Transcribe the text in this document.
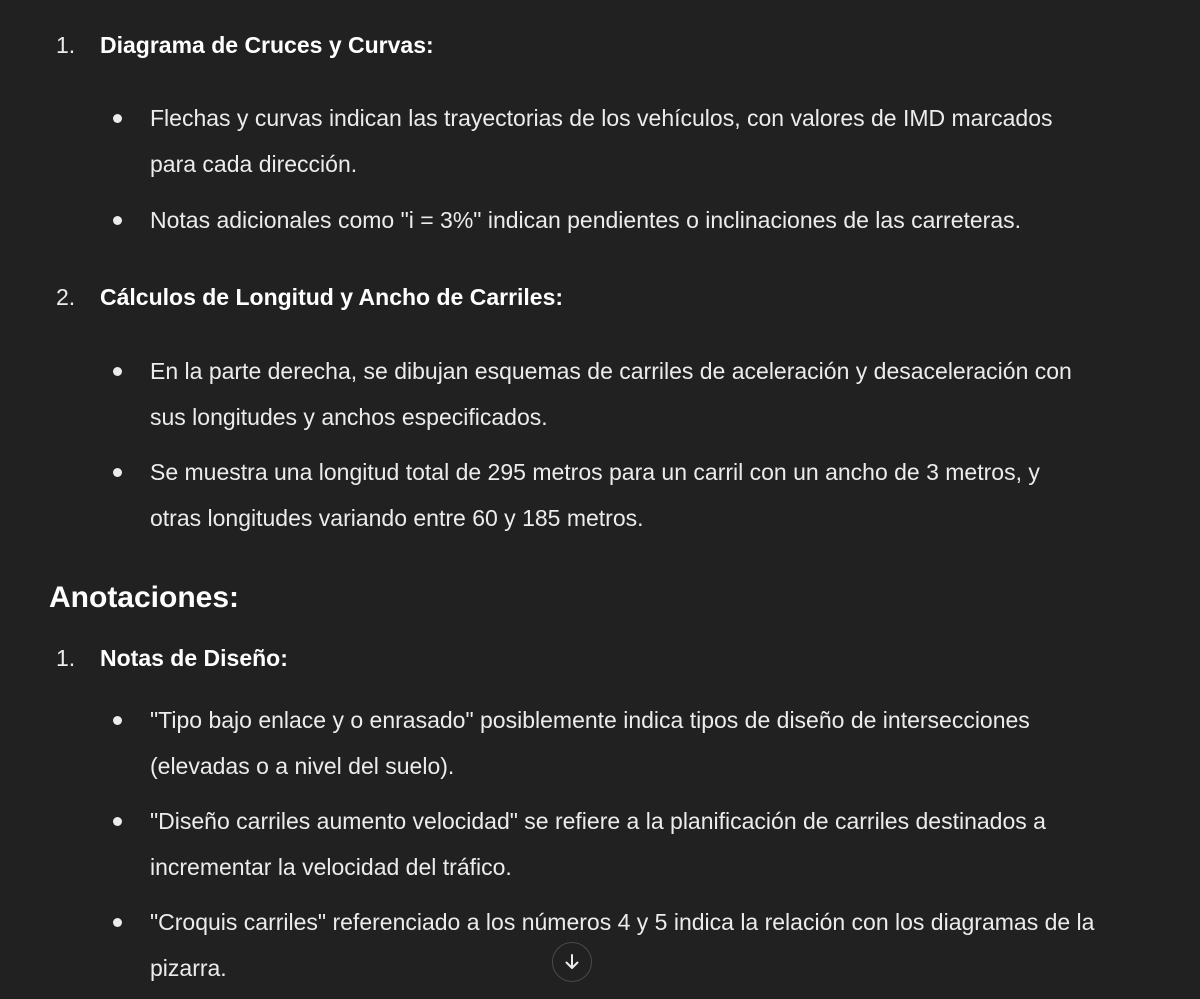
1. Diagrama de Cruces y Curvas:
Flechas y curvas indican las trayectorias de los vehículos, con valores de IMD marcados
para cada dirección.
Notas adicionales como "i = 3%" indican pendientes o inclinaciones de las carreteras.
2. Cálculos de Longitud y Ancho de Carriles:
En la parte derecha, se dibujan esquemas de carriles de aceleración y desaceleración con
sus longitudes y anchos especificados.
Se muestra una longitud total de 295 metros para un carril con un ancho de 3 metros, y
otras longitudes variando entre 60 y 185 metros.
Anotaciones:
1. Notas de Diseño:
"Tipo bajo enlace y o enrasado" posiblemente indica tipos de diseño de intersecciones
(elevadas o a nivel del suelo).
"Diseño carriles aumento velocidad" se refiere a la planificación de carriles destinados a
incrementar la velocidad del tráfico.
"Croquis carriles" referenciado a los números 4 y 5 indica la relación con los diagramas de la
pizarra.
